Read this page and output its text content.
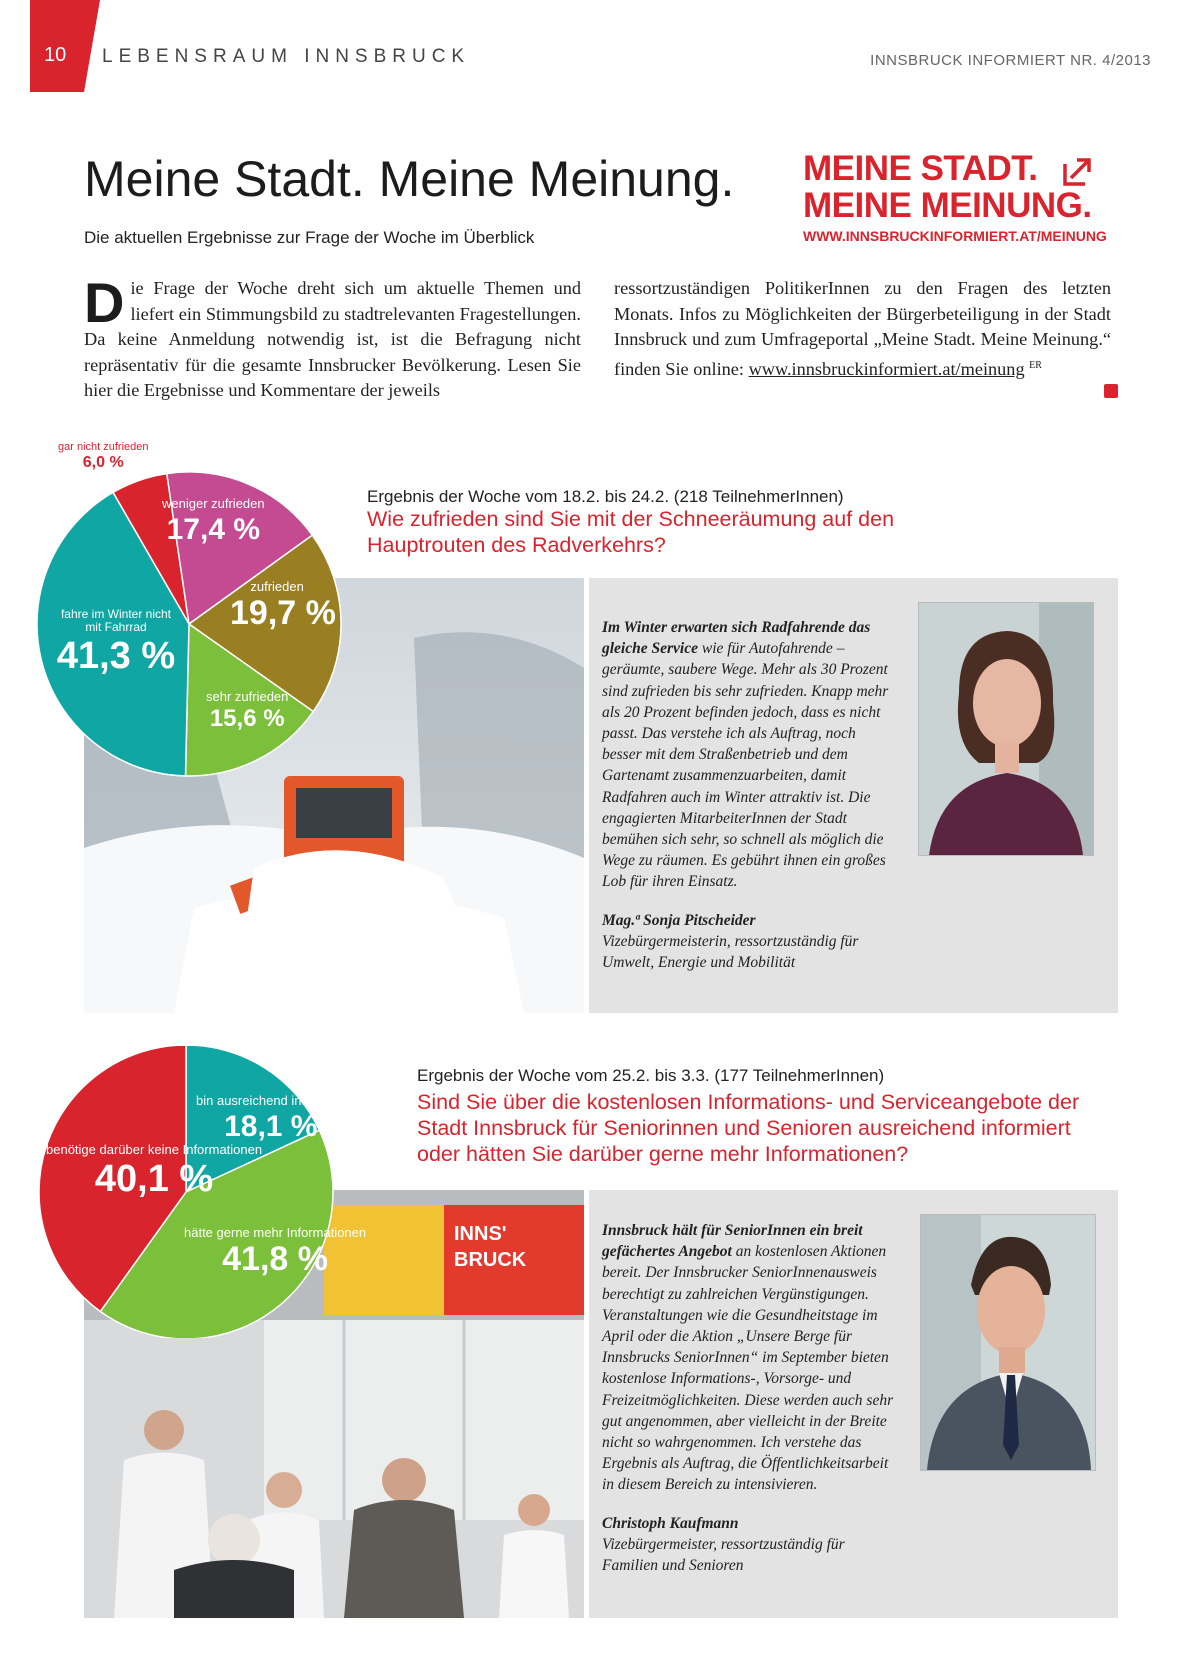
10 LEBENSRAUM INNSBRUCK	INNSBRUCK INFORMIERT NR. 4/2013
Meine Stadt. Meine Meinung.
Die aktuellen Ergebnisse zur Frage der Woche im Überblick
MEINE STADT.
MEINE MEINUNG.
WWW.INNSBRUCKINFORMIERT.AT/MEINUNG
Die Frage der Woche dreht sich um aktuelle Themen und liefert ein Stimmungsbild zu stadtrelevanten Fragestellungen. Da keine Anmeldung notwendig ist, ist die Befragung nicht repräsentativ für die gesamte Innsbrucker Bevölkerung. Lesen Sie hier die Ergebnisse und Kommentare der jeweils
ressortzuständigen PolitikerInnen zu den Fragen des letzten Monats. Infos zu Möglichkeiten der Bürgerbeteiligung in der Stadt Innsbruck und zum Umfrageportal „Meine Stadt. Meine Meinung.“ finden Sie online: www.innsbruckinformiert.at/meinung $^{ER}$
Ergebnis der Woche vom 18.2. bis 24.2. (218 TeilnehmerInnen)
Wie zufrieden sind Sie mit der Schneeräumung auf den Hauptrouten des Radverkehrs?
Im Winter erwarten sich Radfahrende das gleiche Service wie für Autofahrende – geräumte, saubere Wege. Mehr als 30 Prozent sind zufrieden bis sehr zufrieden. Knapp mehr als 20 Prozent befinden jedoch, dass es nicht passt. Das verstehe ich als Auftrag, noch besser mit dem Straßenbetrieb und dem Gartenamt zusammenzuarbeiten, damit Radfahren auch im Winter attraktiv ist. Die engagierten MitarbeiterInnen der Stadt bemühen sich sehr, so schnell als möglich die Wege zu räumen. Es gebührt ihnen ein großes Lob für ihren Einsatz.
Mag.ª Sonja Pitscheider
Vizebürgermeisterin, ressortzuständig für Umwelt, Energie und Mobilität
gar nicht zufrieden
6,0 %
weniger zufrieden
17,4 %
zufrieden
19,7 %
sehr zufrieden
15,6 %
fahre im Winter nicht mit Fahrrad
41,3 %
Ergebnis der Woche vom 25.2. bis 3.3. (177 TeilnehmerInnen)
Sind Sie über die kostenlosen Informations- und Serviceangebote der Stadt Innsbruck für Seniorinnen und Senioren ausreichend informiert oder hätten Sie darüber gerne mehr Informationen?
INNS'
BRUCK
Innsbruck hält für SeniorInnen ein breit gefächertes Angebot an kostenlosen Aktionen bereit. Der Innsbrucker SeniorInnenausweis berechtigt zu zahlreichen Vergünstigungen. Veranstaltungen wie die Gesundheitstage im April oder die Aktion „Unsere Berge für Innsbrucks SeniorInnen“ im September bieten kostenlose Informations-, Vorsorge- und Freizeitmöglichkeiten. Diese werden auch sehr gut angenommen, aber vielleicht in der Breite nicht so wahrgenommen. Ich verstehe das Ergebnis als Auftrag, die Öffentlichkeitsarbeit in diesem Bereich zu intensivieren.
Christoph Kaufmann
Vizebürgermeister, ressortzuständig für Familien und Senioren
bin ausreichend informiert
18,1 %
hätte gerne mehr Informationen
41,8 %
benötige darüber keine Informationen
40,1 %
